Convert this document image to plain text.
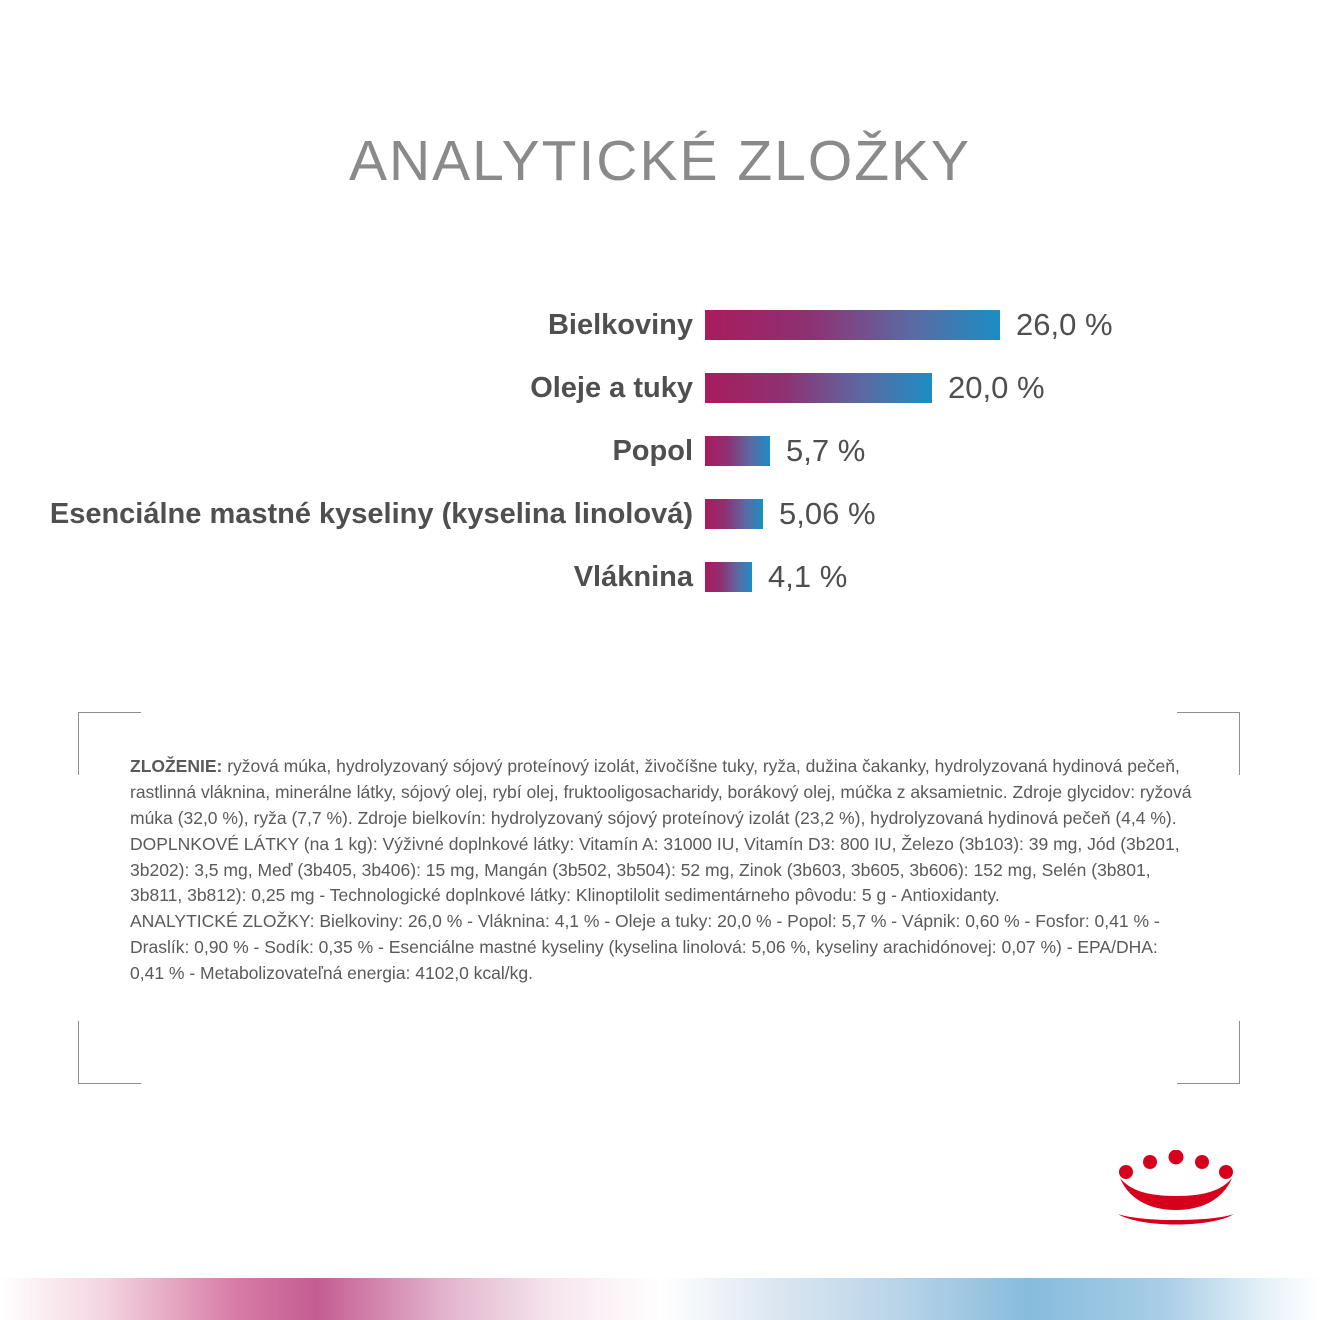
ANALYTICKÉ ZLOŽKY
Bielkoviny	26,0 %
Oleje a tuky	20,0 %
Popol	5,7 %
Esenciálne mastné kyseliny (kyselina linolová)	5,06 %
Vláknina	4,1 %

ZLOŽENIE: ryžová múka, hydrolyzovaný sójový proteínový izolát, živočíšne tuky, ryža, dužina čakanky, hydrolyzovaná hydinová pečeň, rastlinná vláknina, minerálne látky, sójový olej, rybí olej, fruktooligosacharidy, borákový olej, múčka z aksamietnic. Zdroje glycidov: ryžová múka (32,0 %), ryža (7,7 %). Zdroje bielkovín: hydrolyzovaný sójový proteínový izolát (23,2 %), hydrolyzovaná hydinová pečeň (4,4 %).

DOPLNKOVÉ LÁTKY (na 1 kg): Výživné doplnkové látky: Vitamín A: 31000 IU, Vitamín D3: 800 IU, Železo (3b103): 39 mg, Jód (3b201, 3b202): 3,5 mg, Meď (3b405, 3b406): 15 mg, Mangán (3b502, 3b504): 52 mg, Zinok (3b603, 3b605, 3b606): 152 mg, Selén (3b801, 3b811, 3b812): 0,25 mg - Technologické doplnkové látky: Klinoptilolit sedimentárneho pôvodu: 5 g - Antioxidanty.

ANALYTICKÉ ZLOŽKY: Bielkoviny: 26,0 % - Vláknina: 4,1 % - Oleje a tuky: 20,0 % - Popol: 5,7 % - Vápnik: 0,60 % - Fosfor: 0,41 % - Draslík: 0,90 % - Sodík: 0,35 % - Esenciálne mastné kyseliny (kyselina linolová: 5,06 %, kyseliny arachidónovej: 0,07 %) - EPA/DHA: 0,41 % - Metabolizovateľná energia: 4102,0 kcal/kg.
